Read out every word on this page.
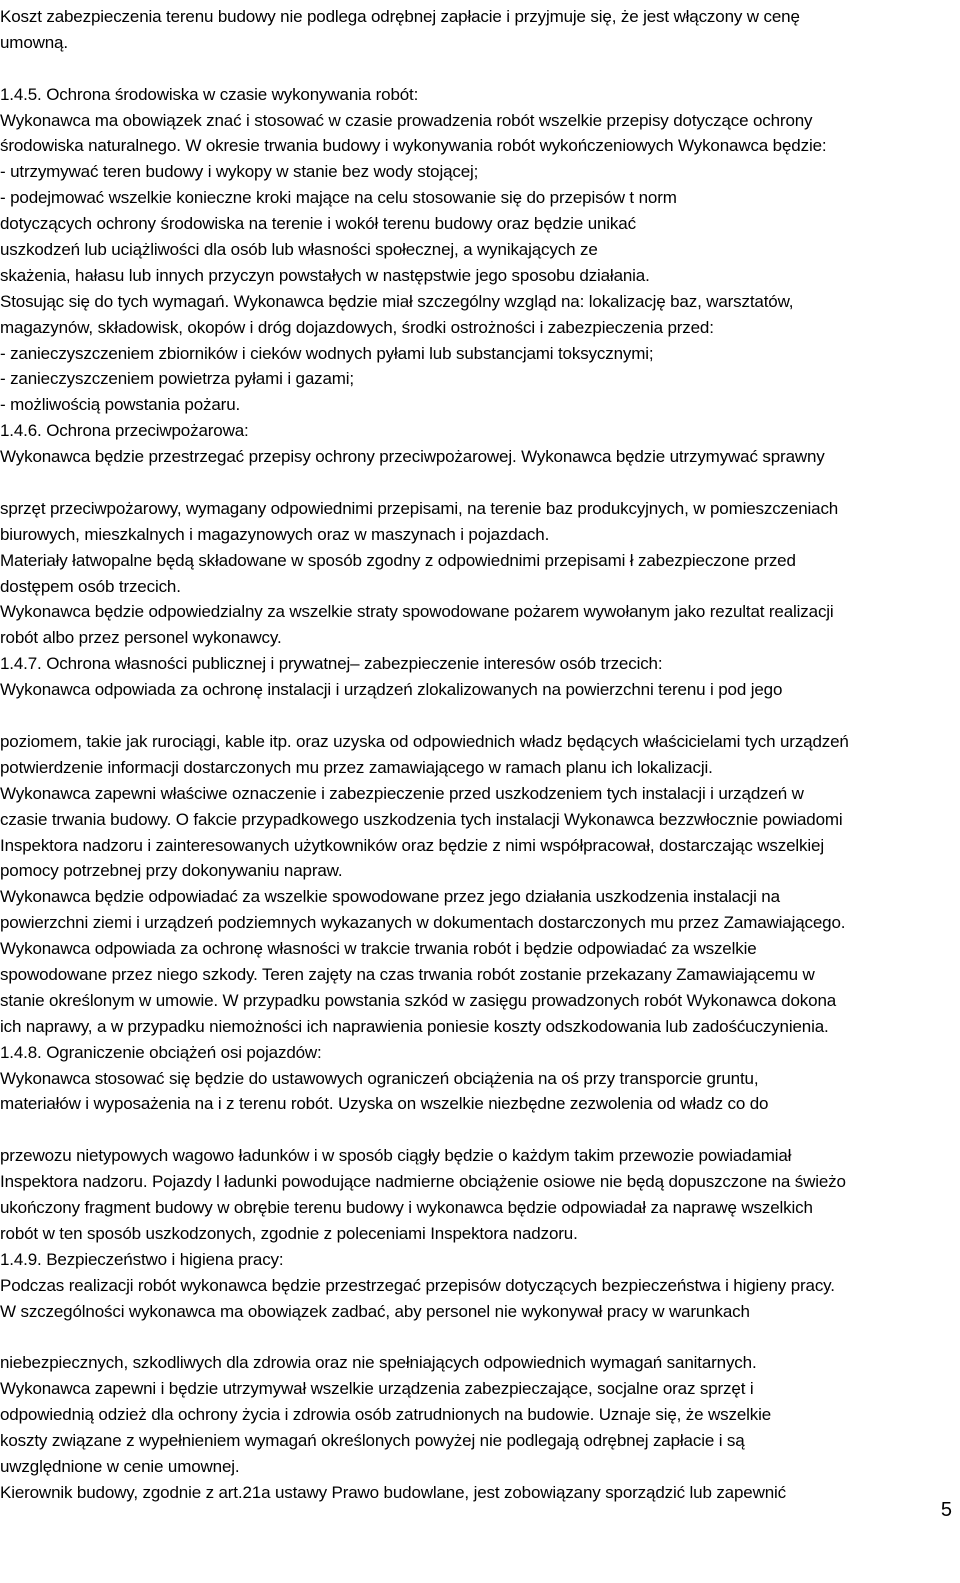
Koszt zabezpieczenia terenu budowy nie podlega odrębnej zapłacie i przyjmuje się, że jest włączony w cenę
umowną.
1.4.5. Ochrona środowiska w czasie wykonywania robót:
Wykonawca ma obowiązek znać i stosować w czasie prowadzenia robót wszelkie przepisy dotyczące ochrony
środowiska naturalnego. W okresie trwania budowy i wykonywania robót wykończeniowych Wykonawca będzie:
- utrzymywać teren budowy i wykopy w stanie bez wody stojącej;
- podejmować wszelkie konieczne kroki mające na celu stosowanie się do przepisów t norm
dotyczących ochrony środowiska na terenie i wokół terenu budowy oraz będzie unikać
uszkodzeń lub uciążliwości dla osób lub własności społecznej, a wynikających ze
skażenia, hałasu lub innych przyczyn powstałych w następstwie jego sposobu działania.
Stosując się do tych wymagań. Wykonawca będzie miał szczególny wzgląd na: lokalizację baz, warsztatów,
magazynów, składowisk, okopów i dróg dojazdowych, środki ostrożności i zabezpieczenia przed:
- zanieczyszczeniem zbiorników i cieków wodnych pyłami lub substancjami toksycznymi;
- zanieczyszczeniem powietrza pyłami i gazami;
- możliwością powstania pożaru.
1.4.6. Ochrona przeciwpożarowa:
Wykonawca będzie przestrzegać przepisy ochrony przeciwpożarowej. Wykonawca będzie utrzymywać sprawny
sprzęt przeciwpożarowy, wymagany odpowiednimi przepisami, na terenie baz produkcyjnych, w pomieszczeniach
biurowych, mieszkalnych i magazynowych oraz w maszynach i pojazdach.
Materiały łatwopalne będą składowane w sposób zgodny z odpowiednimi przepisami ł zabezpieczone przed
dostępem osób trzecich.
Wykonawca będzie odpowiedzialny za wszelkie straty spowodowane pożarem wywołanym jako rezultat realizacji
robót albo przez personel wykonawcy.
1.4.7. Ochrona własności publicznej i prywatnej– zabezpieczenie interesów osób trzecich:
Wykonawca odpowiada za ochronę instalacji i urządzeń zlokalizowanych na powierzchni terenu i pod jego
poziomem, takie jak rurociągi, kable itp. oraz uzyska od odpowiednich władz będących właścicielami tych urządzeń
potwierdzenie informacji dostarczonych mu przez zamawiającego w ramach planu ich lokalizacji.
Wykonawca zapewni właściwe oznaczenie i zabezpieczenie przed uszkodzeniem tych instalacji i urządzeń w
czasie trwania budowy. O fakcie przypadkowego uszkodzenia tych instalacji Wykonawca bezzwłocznie powiadomi
Inspektora nadzoru i zainteresowanych użytkowników oraz będzie z nimi współpracował, dostarczając wszelkiej
pomocy potrzebnej przy dokonywaniu napraw.
Wykonawca będzie odpowiadać za wszelkie spowodowane przez jego działania uszkodzenia instalacji na
powierzchni ziemi i urządzeń podziemnych wykazanych w dokumentach dostarczonych mu przez Zamawiającego.
Wykonawca odpowiada za ochronę własności w trakcie trwania robót i będzie odpowiadać za wszelkie
spowodowane przez niego szkody. Teren zajęty na czas trwania robót zostanie przekazany Zamawiającemu w
stanie określonym w umowie. W przypadku powstania szkód w zasięgu prowadzonych robót Wykonawca dokona
ich naprawy, a w przypadku niemożności ich naprawienia poniesie koszty odszkodowania lub zadośćuczynienia.
1.4.8. Ograniczenie obciążeń osi pojazdów:
Wykonawca stosować się będzie do ustawowych ograniczeń obciążenia na oś przy transporcie gruntu,
materiałów i wyposażenia na i z terenu robót. Uzyska on wszelkie niezbędne zezwolenia od władz co do
przewozu nietypowych wagowo ładunków i w sposób ciągły będzie o każdym takim przewozie powiadamiał
Inspektora nadzoru. Pojazdy l ładunki powodujące nadmierne obciążenie osiowe nie będą dopuszczone na świeżo
ukończony fragment budowy w obrębie terenu budowy i wykonawca będzie odpowiadał za naprawę wszelkich
robót w ten sposób uszkodzonych, zgodnie z poleceniami Inspektora nadzoru.
1.4.9. Bezpieczeństwo i higiena pracy:
Podczas realizacji robót wykonawca będzie przestrzegać przepisów dotyczących bezpieczeństwa i higieny pracy.
W szczególności wykonawca ma obowiązek zadbać, aby personel nie wykonywał pracy w warunkach
niebezpiecznych, szkodliwych dla zdrowia oraz nie spełniających odpowiednich wymagań sanitarnych.
Wykonawca zapewni i będzie utrzymywał wszelkie urządzenia zabezpieczające, socjalne oraz sprzęt i
odpowiednią odzież dla ochrony życia i zdrowia osób zatrudnionych na budowie. Uznaje się, że wszelkie
koszty związane z wypełnieniem wymagań określonych powyżej nie podlegają odrębnej zapłacie i są
uwzględnione w cenie umownej.
Kierownik budowy, zgodnie z art.21a ustawy Prawo budowlane, jest zobowiązany sporządzić lub zapewnić
5
